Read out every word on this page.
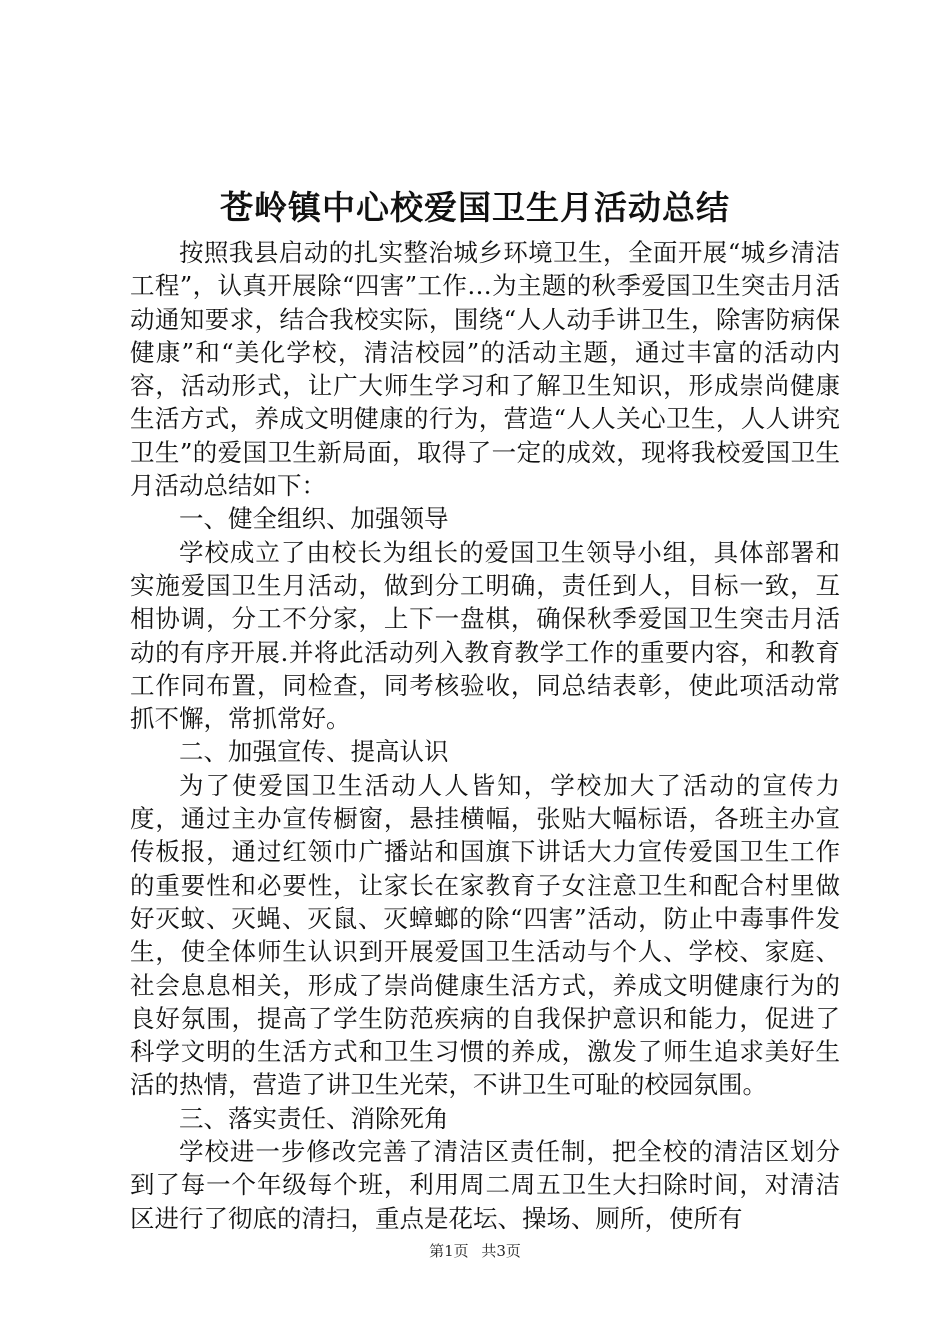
苍岭镇中心校爱国卫生月活动总结

按照我县启动的扎实整治城乡环境卫生，全面开展“城乡清洁工程”，认真开展除“四害”工作…为主题的秋季爱国卫生突击月活动通知要求，结合我校实际，围绕“人人动手讲卫生，除害防病保健康”和“美化学校，清洁校园”的活动主题，通过丰富的活动内容，活动形式，让广大师生学习和了解卫生知识，形成崇尚健康生活方式，养成文明健康的行为，营造“人人关心卫生，人人讲究卫生”的爱国卫生新局面，取得了一定的成效，现将我校爱国卫生月活动总结如下：

一、健全组织、加强领导

学校成立了由校长为组长的爱国卫生领导小组，具体部署和实施爱国卫生月活动，做到分工明确，责任到人，目标一致，互相协调，分工不分家，上下一盘棋，确保秋季爱国卫生突击月活动的有序开展.并将此活动列入教育教学工作的重要内容，和教育工作同布置，同检查，同考核验收，同总结表彰，使此项活动常抓不懈，常抓常好。

二、加强宣传、提高认识

为了使爱国卫生活动人人皆知，学校加大了活动的宣传力度，通过主办宣传橱窗，悬挂横幅，张贴大幅标语，各班主办宣传板报，通过红领巾广播站和国旗下讲话大力宣传爱国卫生工作的重要性和必要性，让家长在家教育子女注意卫生和配合村里做好灭蚊、灭蝇、灭鼠、灭蟑螂的除“四害”活动，防止中毒事件发生，使全体师生认识到开展爱国卫生活动与个人、学校、家庭、社会息息相关，形成了崇尚健康生活方式，养成文明健康行为的良好氛围，提高了学生防范疾病的自我保护意识和能力，促进了科学文明的生活方式和卫生习惯的养成，激发了师生追求美好生活的热情，营造了讲卫生光荣，不讲卫生可耻的校园氛围。

三、落实责任、消除死角

学校进一步修改完善了清洁区责任制，把全校的清洁区划分到了每一个年级每个班，利用周二周五卫生大扫除时间，对清洁区进行了彻底的清扫，重点是花坛、操场、厕所，使所有

第1页 共3页
